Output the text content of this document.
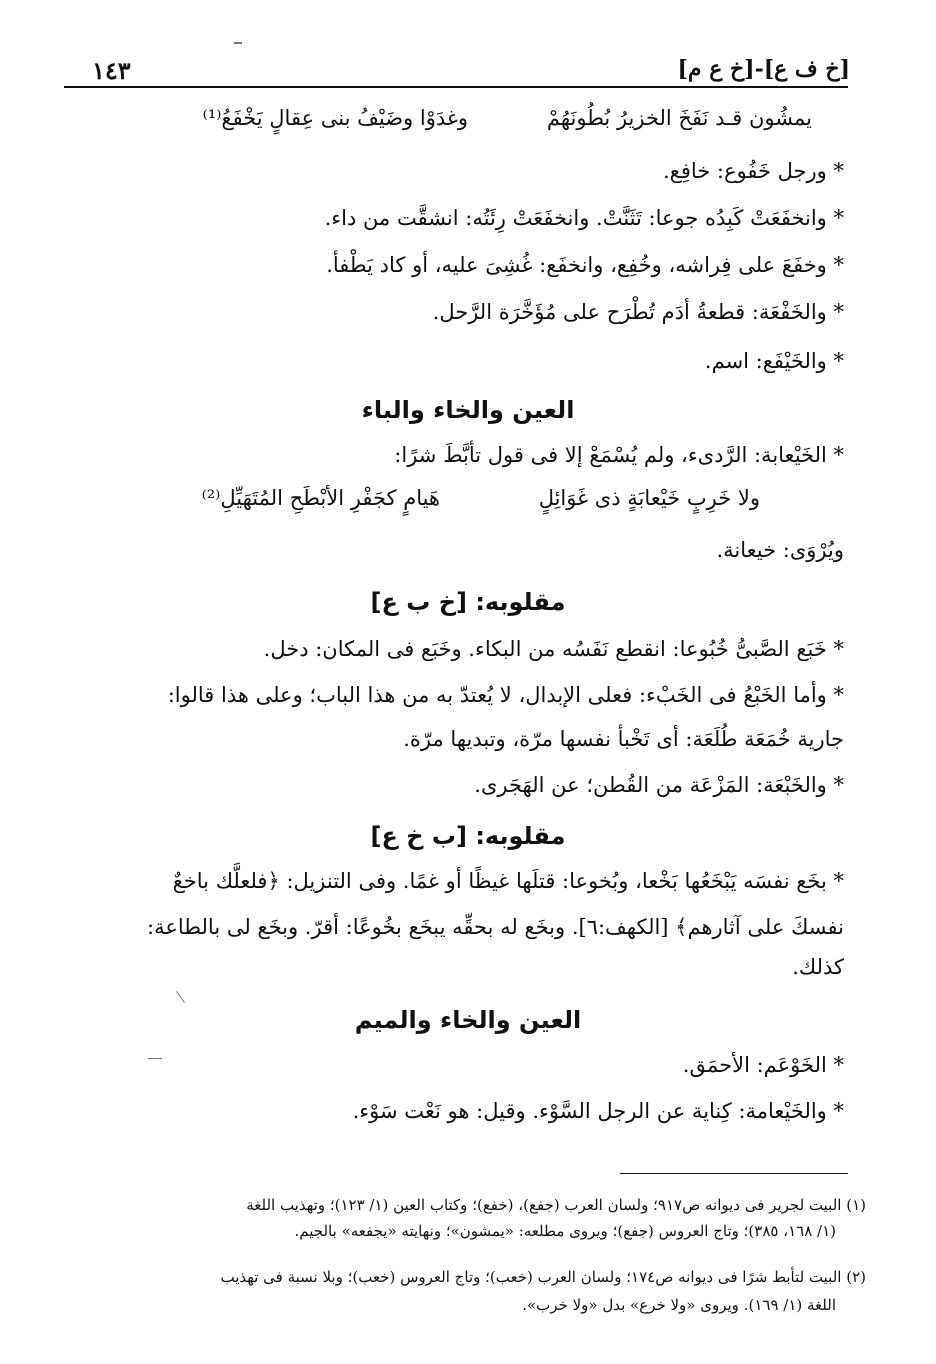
١٤٣	[خ ف ع]-[خ ع م]
يمشُون قـد نَفَخَ الخزيرُ بُطُونَهُمْ
وغدَوْا وضَيْفُ بنى عِقالٍ يَخْفَعُ⁽¹⁾
* ورجل خَفُوع: خافِع.
* وانخفَعَتْ كَبِدُه جوعا: تَثَنَّتْ. وانخفَعَتْ رِئَتُه: انشقَّت من داء.
* وخفَعَ على فِراشه، وخُفِع، وانخفَع: غُشِىَ عليه، أو كاد يَطْفأ.
* والخَفْعَة: قطعةُ أدَم تُطْرَح على مُؤَخَّرَة الرَّحل.
* والخَيْفَع: اسم.
العين والخاء والباء
* الخَيْعابة: الرَّدىء، ولم يُسْمَعْ إلا فى قول تأبَّطَ شرًا:
ولا خَرِبٍ خَيْعابَةٍ ذى غَوَائِلٍ
هَيامٍ كجَفْرِ الأبْطَحِ المُتَهَيِّلِ⁽²⁾
ويُرْوَى: خيعانة.
مقلوبه: [خ ب ع]
* خَبَع الصَّبىُّ خُبُوعا: انقطع نَفَسُه من البكاء. وخَبَع فى المكان: دخل.
* وأما الخَبْعُ فى الخَبْء: فعلى الإبدال، لا يُعتدّ به من هذا الباب؛ وعلى هذا قالوا:
جارية خُمَعَة طُلَعَة: أى تَخْبأ نفسها مرّة، وتبديها مرّة.
* والخَبْعَة: المَزْعَة من القُطن؛ عن الهَجَرى.
مقلوبه: [ب خ ع]
* بخَع نفسَه يَبْخَعُها بَخْعا، وبُخوعا: قتلَها غيظًا أو غمًا. وفى التنزيل: ﴿فلعلَّك باخعٌ
نفسكَ على آثارهم﴾ [الكهف:٦]. وبخَع له بحقِّه يبخَع بخُوعًا: أقرّ. وبخَع لى بالطاعة:
كذلك.
العين والخاء والميم
* الخَوْعَم: الأحمَق.
* والخَيْعامة: كِناية عن الرجل السَّوْء. وقيل: هو نَعْت سَوْء.
(١) البيت لجرير فى ديوانه ص٩١٧؛ ولسان العرب (جفع)، (خفع)؛ وكتاب العين (١/ ١٢٣)؛ وتهذيب اللغة
(١/ ١٦٨، ٣٨٥)؛ وتاج العروس (جفع)؛ ويروى مطلعه: «يمشون»؛ ونهايته «يجفعه» بالجيم.
(٢) البيت لتأبط شرًا فى ديوانه ص١٧٤؛ ولسان العرب (خعب)؛ وتاج العروس (خعب)؛ وبلا نسبة فى تهذيب
اللغة (١/ ١٦٩). ويروى «ولا خرع» بدل «ولا خرب».
